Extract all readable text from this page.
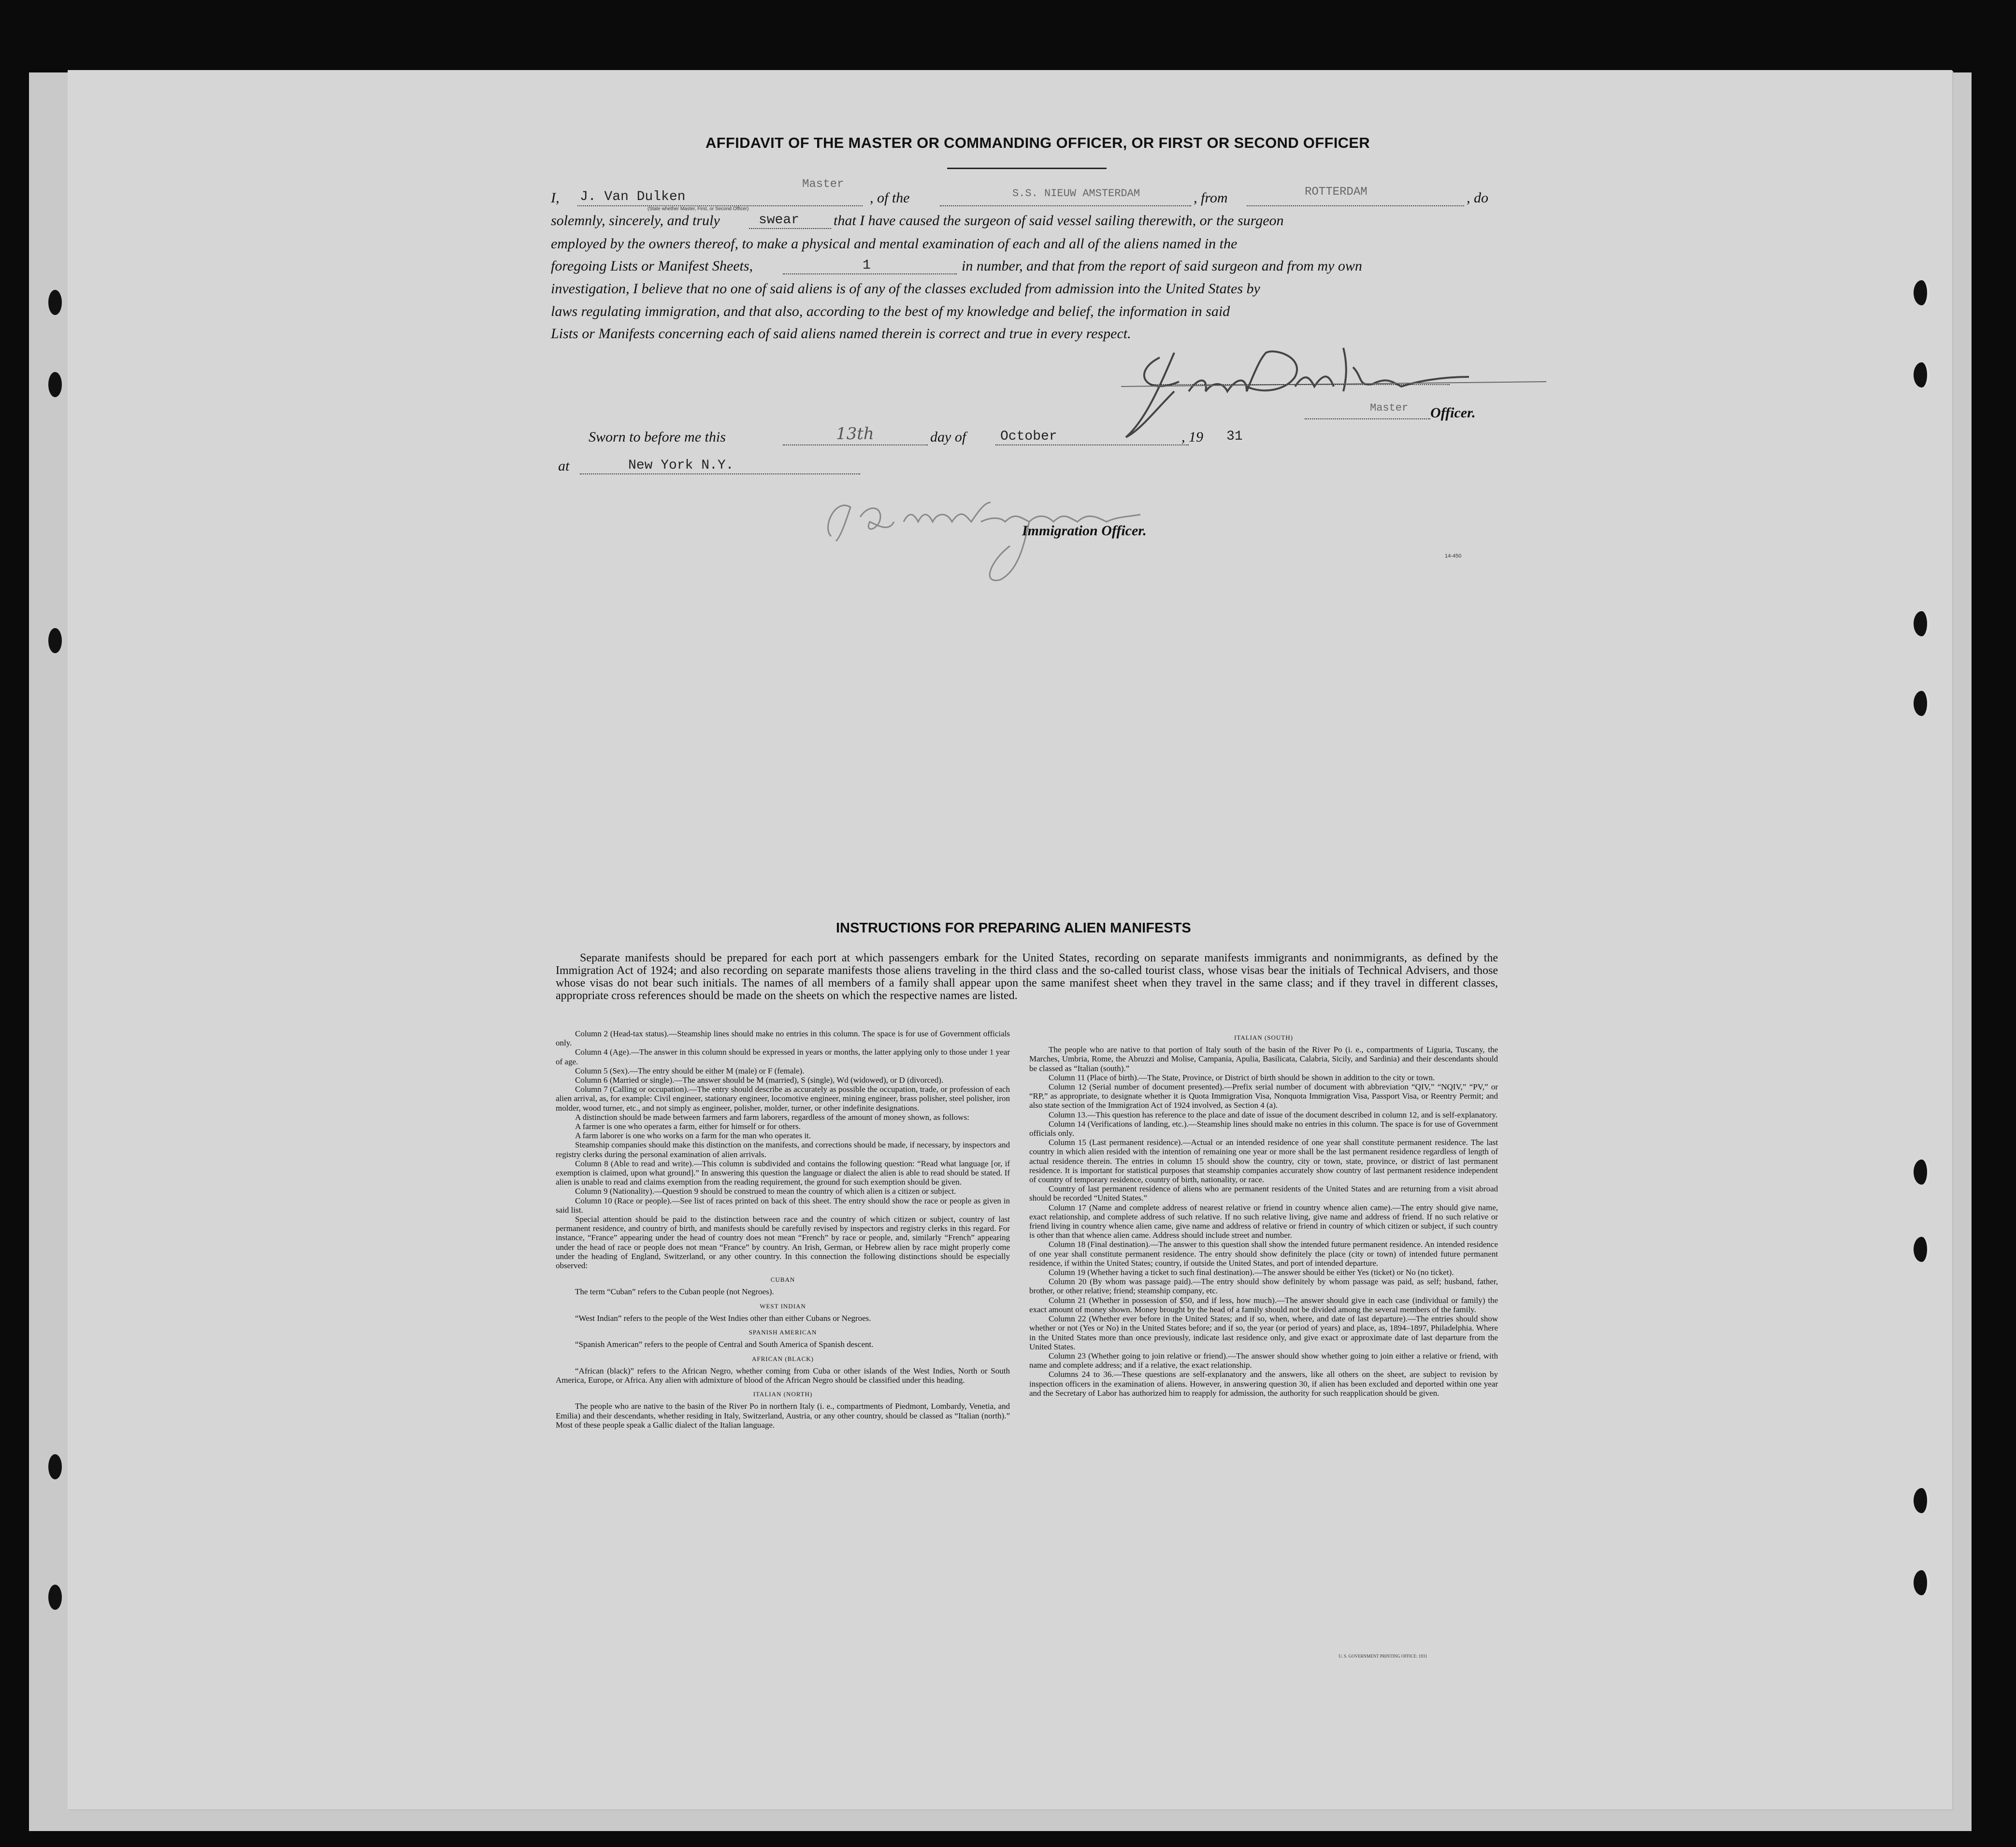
AFFIDAVIT OF THE MASTER OR COMMANDING OFFICER, OR FIRST OR SECOND OFFICER
I,	J. Van Dulken
Master
(State whether Master, First, or Second Officer)
, of the	S.S. NIEUW AMSTERDAM	, from	ROTTERDAM	, do
solemnly, sincerely, and truly	swear that I have caused the surgeon of said vessel sailing therewith, or the surgeon
employed by the owners thereof, to make a physical and mental examination of each and all of the aliens named in the
foregoing Lists or Manifest Sheets,	1	in number, and that from the report of said surgeon and from my own
investigation, I believe that no one of said aliens is of any of the classes excluded from admission into the United States by
laws regulating immigration, and that also, according to the best of my knowledge and belief, the information in said
Lists or Manifests concerning each of said aliens named therein is correct and true in every respect.
Master Officer.
Sworn to before me this	13th	day of	October	, 19	31
at	New York N.Y.
Immigration Officer.
14-450
INSTRUCTIONS FOR PREPARING ALIEN MANIFESTS
Separate manifests should be prepared for each port at which passengers embark for the United States, recording on separate manifests immigrants and nonimmigrants, as defined by the Immigration Act of 1924; and also recording on separate manifests those aliens traveling in the third class and the so-called tourist class, whose visas bear the initials of Technical Advisers, and those whose visas do not bear such initials. The names of all members of a family shall appear upon the same manifest sheet when they travel in the same class; and if they travel in different classes, appropriate cross references should be made on the sheets on which the respective names are listed.

Column 2 (Head-tax status).—Steamship lines should make no entries in this column. The space is for use of Government officials only.

Column 4 (Age).—The answer in this column should be expressed in years or months, the latter applying only to those under 1 year of age.

Column 5 (Sex).—The entry should be either M (male) or F (female).

Column 6 (Married or single).—The answer should be M (married), S (single), Wd (widowed), or D (divorced).

Column 7 (Calling or occupation).—The entry should describe as accurately as possible the occupation, trade, or profession of each alien arrival, as, for example: Civil engineer, stationary engineer, locomotive engineer, mining engineer, brass polisher, steel polisher, iron molder, wood turner, etc., and not simply as engineer, polisher, molder, turner, or other indefinite designations.

A distinction should be made between farmers and farm laborers, regardless of the amount of money shown, as follows:

A farmer is one who operates a farm, either for himself or for others.

A farm laborer is one who works on a farm for the man who operates it.

Steamship companies should make this distinction on the manifests, and corrections should be made, if necessary, by inspectors and registry clerks during the personal examination of alien arrivals.

Column 8 (Able to read and write).—This column is subdivided and contains the following question: “Read what language [or, if exemption is claimed, upon what ground].” In answering this question the language or dialect the alien is able to read should be stated. If alien is unable to read and claims exemption from the reading requirement, the ground for such exemption should be given.

Column 9 (Nationality).—Question 9 should be construed to mean the country of which alien is a citizen or subject.

Column 10 (Race or people).—See list of races printed on back of this sheet. The entry should show the race or people as given in said list.

Special attention should be paid to the distinction between race and the country of which citizen or subject, country of last permanent residence, and country of birth, and manifests should be carefully revised by inspectors and registry clerks in this regard. For instance, “France” appearing under the head of country does not mean “French” by race or people, and, similarly “French” appearing under the head of race or people does not mean “France” by country. An Irish, German, or Hebrew alien by race might properly come under the heading of England, Switzerland, or any other country. In this connection the following distinctions should be especially observed:

CUBAN

The term “Cuban” refers to the Cuban people (not Negroes).

WEST INDIAN

“West Indian” refers to the people of the West Indies other than either Cubans or Negroes.

SPANISH AMERICAN

“Spanish American” refers to the people of Central and South America of Spanish descent.

AFRICAN (BLACK)

“African (black)” refers to the African Negro, whether coming from Cuba or other islands of the West Indies, North or South America, Europe, or Africa. Any alien with admixture of blood of the African Negro should be classified under this heading.

ITALIAN (NORTH)

The people who are native to the basin of the River Po in northern Italy (i. e., compartments of Piedmont, Lombardy, Venetia, and Emilia) and their descendants, whether residing in Italy, Switzerland, Austria, or any other country, should be classed as “Italian (north).” Most of these people speak a Gallic dialect of the Italian language.

ITALIAN (SOUTH)

The people who are native to that portion of Italy south of the basin of the River Po (i. e., compartments of Liguria, Tuscany, the Marches, Umbria, Rome, the Abruzzi and Molise, Campania, Apulia, Basilicata, Calabria, Sicily, and Sardinia) and their descendants should be classed as “Italian (south).”

Column 11 (Place of birth).—The State, Province, or District of birth should be shown in addition to the city or town.

Column 12 (Serial number of document presented).—Prefix serial number of document with abbreviation “QIV,” “NQIV,” “PV,” or “RP,” as appropriate, to designate whether it is Quota Immigration Visa, Nonquota Immigration Visa, Passport Visa, or Reentry Permit; and also state section of the Immigration Act of 1924 involved, as Section 4 (a).

Column 13.—This question has reference to the place and date of issue of the document described in column 12, and is self-explanatory.

Column 14 (Verifications of landing, etc.).—Steamship lines should make no entries in this column. The space is for use of Government officials only.

Column 15 (Last permanent residence).—Actual or an intended residence of one year shall constitute permanent residence. The last country in which alien resided with the intention of remaining one year or more shall be the last permanent residence regardless of length of actual residence therein. The entries in column 15 should show the country, city or town, state, province, or district of last permanent residence. It is important for statistical purposes that steamship companies accurately show country of last permanent residence independent of country of temporary residence, country of birth, nationality, or race.

Country of last permanent residence of aliens who are permanent residents of the United States and are returning from a visit abroad should be recorded “United States.”

Column 17 (Name and complete address of nearest relative or friend in country whence alien came).—The entry should give name, exact relationship, and complete address of such relative. If no such relative living, give name and address of friend. If no such relative or friend living in country whence alien came, give name and address of relative or friend in country of which citizen or subject, if such country is other than that whence alien came. Address should include street and number.

Column 18 (Final destination).—The answer to this question shall show the intended future permanent residence. An intended residence of one year shall constitute permanent residence. The entry should show definitely the place (city or town) of intended future permanent residence, if within the United States; country, if outside the United States, and port of intended departure.

Column 19 (Whether having a ticket to such final destination).—The answer should be either Yes (ticket) or No (no ticket).

Column 20 (By whom was passage paid).—The entry should show definitely by whom passage was paid, as self; husband, father, brother, or other relative; friend; steamship company, etc.

Column 21 (Whether in possession of $50, and if less, how much).—The answer should give in each case (individual or family) the exact amount of money shown. Money brought by the head of a family should not be divided among the several members of the family.

Column 22 (Whether ever before in the United States; and if so, when, where, and date of last departure).—The entries should show whether or not (Yes or No) in the United States before; and if so, the year (or period of years) and place, as, 1894–1897, Philadelphia. Where in the United States more than once previously, indicate last residence only, and give exact or approximate date of last departure from the United States.

Column 23 (Whether going to join relative or friend).—The answer should show whether going to join either a relative or friend, with name and complete address; and if a relative, the exact relationship.

Columns 24 to 36.—These questions are self-explanatory and the answers, like all others on the sheet, are subject to revision by inspection officers in the examination of aliens. However, in answering question 30, if alien has been excluded and deported within one year and the Secretary of Labor has authorized him to reapply for admission, the authority for such reapplication should be given.

U. S. GOVERNMENT PRINTING OFFICE: 1931
